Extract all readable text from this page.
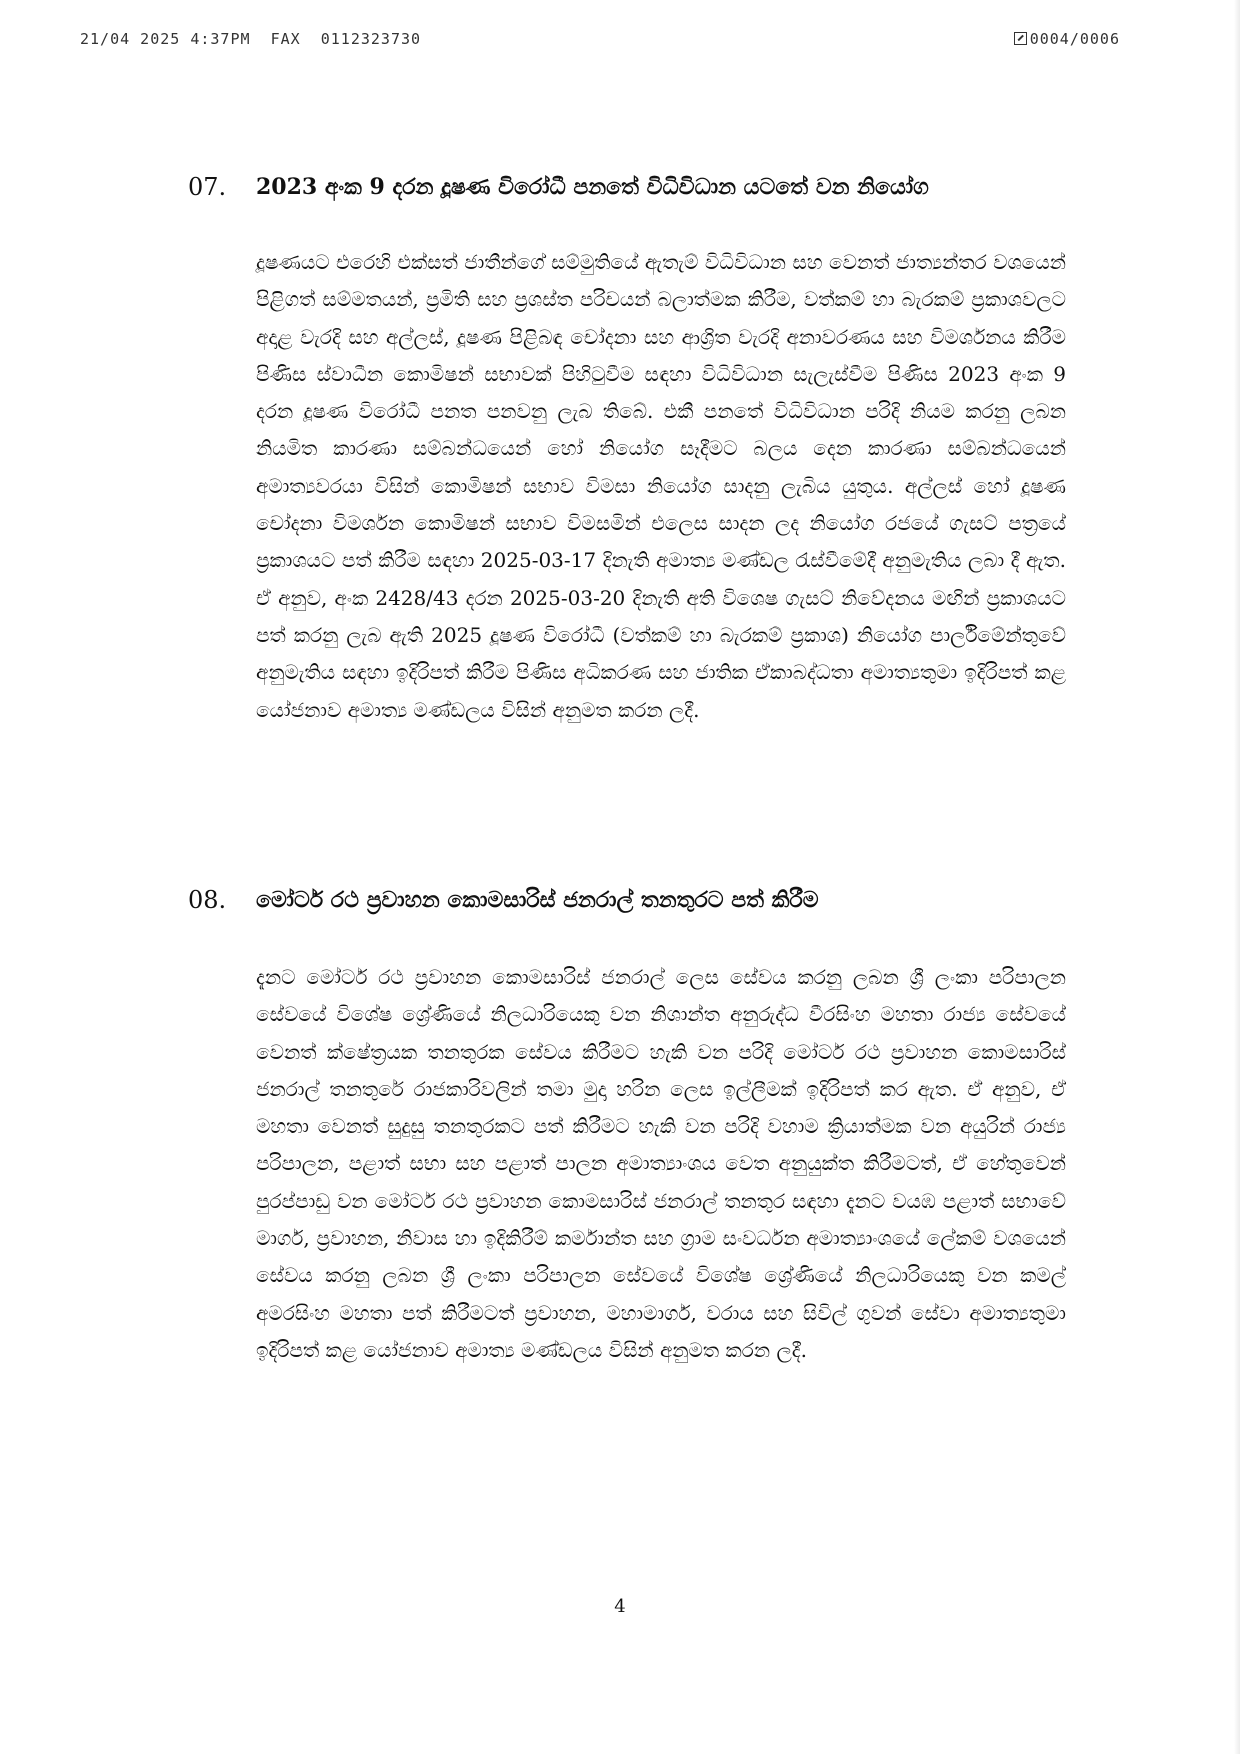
21/04 2025 4:37PM  FAX  0112323730	0004/0006
07. 2023 අංක 9 දරන දූෂණ විරෝධී පනතේ විධිවිධාන යටතේ වන නියෝග
දූෂණයට එරෙහි එක්සත් ජාතීන්ගේ සම්මුතියේ ඇතැම් විධිවිධාන සහ වෙනත් ජාත්‍යන්තර වශයෙන් පිළිගත් සම්මතයන්, ප්‍රමිති සහ ප්‍රශස්ත පරිචයන් බලාත්මක කිරීම, වත්කම් හා බැරකම් ප්‍රකාශවලට අදාළ වැරදි සහ අල්ලස්, දූෂණ පිළිබඳ චෝදනා සහ ආශ්‍රිත වැරදි අනාවරණය සහ විමර්ශනය කිරීම පිණිස ස්වාධීන කොමිෂන් සභාවක් පිහිටුවීම සඳහා විධිවිධාන සැලැස්වීම පිණිස 2023 අංක 9 දරන දූෂණ විරෝධී පනත පනවනු ලැබ තිබේ. එකී පනතේ විධිවිධාන පරිදි නියම කරනු ලබන නියමිත කාරණා සම්බන්ධයෙන් හෝ නියෝග සෑදීමට බලය දෙන කාරණා සම්බන්ධයෙන් අමාත්‍යවරයා විසින් කොමිෂන් සභාව විමසා නියෝග සාදනු ලැබිය යුතුය. අල්ලස් හෝ දූෂණ චෝදනා විමර්ශන කොමිෂන් සභාව විමසමින් එලෙස සාදන ලද නියෝග රජයේ ගැසට් පත්‍රයේ ප්‍රකාශයට පත් කිරීම සඳහා 2025-03-17 දිනැති අමාත්‍ය මණ්ඩල රැස්වීමේදී අනුමැතිය ලබා දී ඇත. ඒ අනුව, අංක 2428/43 දරන 2025-03-20 දිනැති අති විශෙෂ ගැසට් නිවේදනය මඟින් ප්‍රකාශයට පත් කරනු ලැබ ඇති 2025 දූෂණ විරෝධී (වත්කම් හා බැරකම් ප්‍රකාශ) නියෝග පාර්ලිමේන්තුවේ අනුමැතිය සඳහා ඉදිරිපත් කිරීම පිණිස අධිකරණ සහ ජාතික ඒකාබද්ධතා අමාත්‍යතුමා ඉදිරිපත් කළ යෝජනාව අමාත්‍ය මණ්ඩලය විසින් අනුමත කරන ලදී.
08. මෝටර් රථ ප්‍රවාහන කොමසාරිස් ජනරාල් තනතුරට පත් කිරීම
දැනට මෝටර් රථ ප්‍රවාහන කොමසාරිස් ජනරාල් ලෙස සේවය කරනු ලබන ශ්‍රී ලංකා පරිපාලන සේවයේ විශේෂ ශ්‍රේණියේ නිලධාරියෙකු වන නිශාන්ත අනුරුද්ධ වීරසිංහ මහතා රාජ්‍ය සේවයේ වෙනත් ක්ෂේත්‍රයක තනතුරක සේවය කිරීමට හැකි වන පරිදි මෝටර් රථ ප්‍රවාහන කොමසාරිස් ජනරාල් තනතුරේ රාජකාරිවලින් තමා මුදා හරින ලෙස ඉල්ලීමක් ඉදිරිපත් කර ඇත. ඒ අනුව, ඒ මහතා වෙනත් සුදුසු තනතුරකට පත් කිරීමට හැකි වන පරිදි වහාම ක්‍රියාත්මක වන අයුරින් රාජ්‍ය පරිපාලන, පළාත් සභා සහ පළාත් පාලන අමාත්‍යාංශය වෙත අනුයුක්ත කිරීමටත්, ඒ හේතුවෙන් පුරප්පාඩු වන මෝටර් රථ ප්‍රවාහන කොමසාරිස් ජනරාල් තනතුර සඳහා දැනට වයඹ පළාත් සභාවේ මාර්ග, ප්‍රවාහන, නිවාස හා ඉදිකිරීම් කර්මාන්ත සහ ග්‍රාම සංවර්ධන අමාත්‍යාංශයේ ලේකම් වශයෙන් සේවය කරනු ලබන ශ්‍රී ලංකා පරිපාලන සේවයේ විශේෂ ශ්‍රේණියේ නිලධාරියෙකු වන කමල් අමරසිංහ මහතා පත් කිරීමටත් ප්‍රවාහන, මහාමාර්ග, වරාය සහ සිවිල් ගුවන් සේවා අමාත්‍යතුමා ඉදිරිපත් කළ යෝජනාව අමාත්‍ය මණ්ඩලය විසින් අනුමත කරන ලදී.
4
